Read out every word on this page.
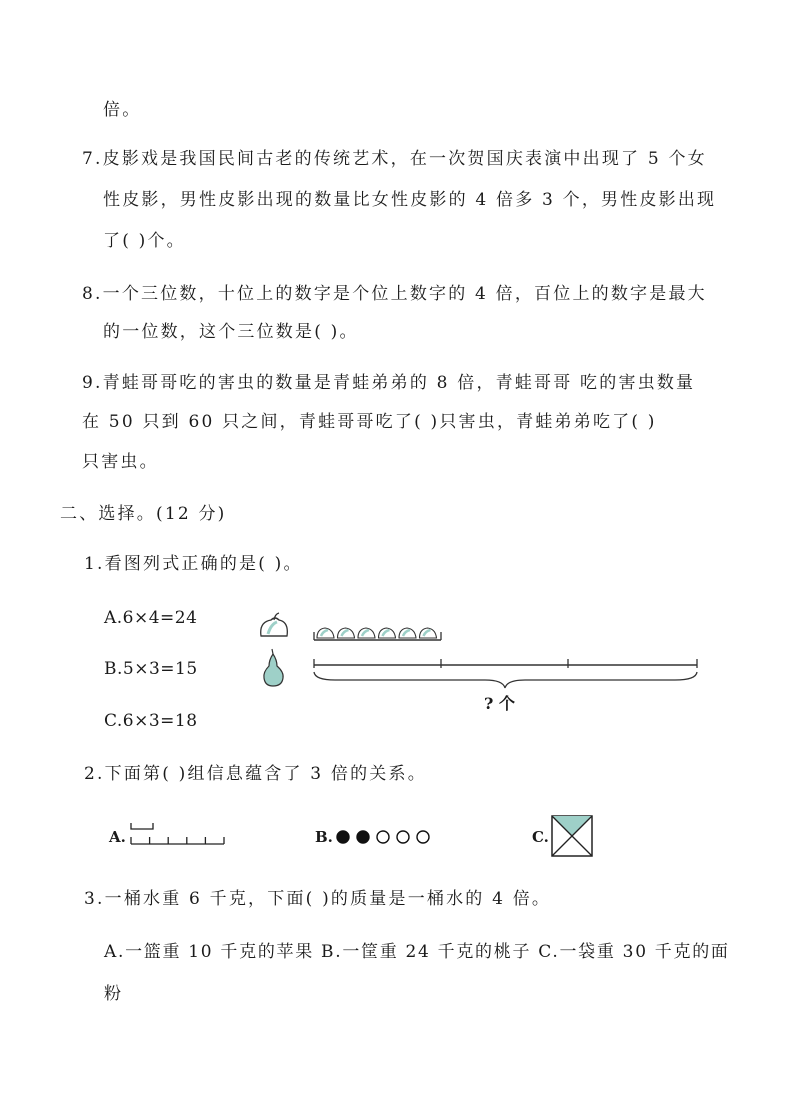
倍。
7.皮影戏是我国民间古老的传统艺术，在一次贺国庆表演中出现了 5 个女
性皮影，男性皮影出现的数量比女性皮影的 4 倍多 3 个，男性皮影出现
了( )个。
8.一个三位数，十位上的数字是个位上数字的 4 倍，百位上的数字是最大
的一位数，这个三位数是( )。
9.青蛙哥哥吃的害虫的数量是青蛙弟弟的 8 倍，青蛙哥哥 吃的害虫数量
在 50 只到 60 只之间，青蛙哥哥吃了( )只害虫，青蛙弟弟吃了( )
只害虫。
二、选择。(12 分)
1.看图列式正确的是( )。
A.6×4=24
B.5×3=15
C.6×3=18
? 个
2.下面第( )组信息蕴含了 3 倍的关系。
A.	B.	C.
3.一桶水重 6 千克，下面( )的质量是一桶水的 4 倍。
A.一篮重 10 千克的苹果 B.一筐重 24 千克的桃子 C.一袋重 30 千克的面
粉
